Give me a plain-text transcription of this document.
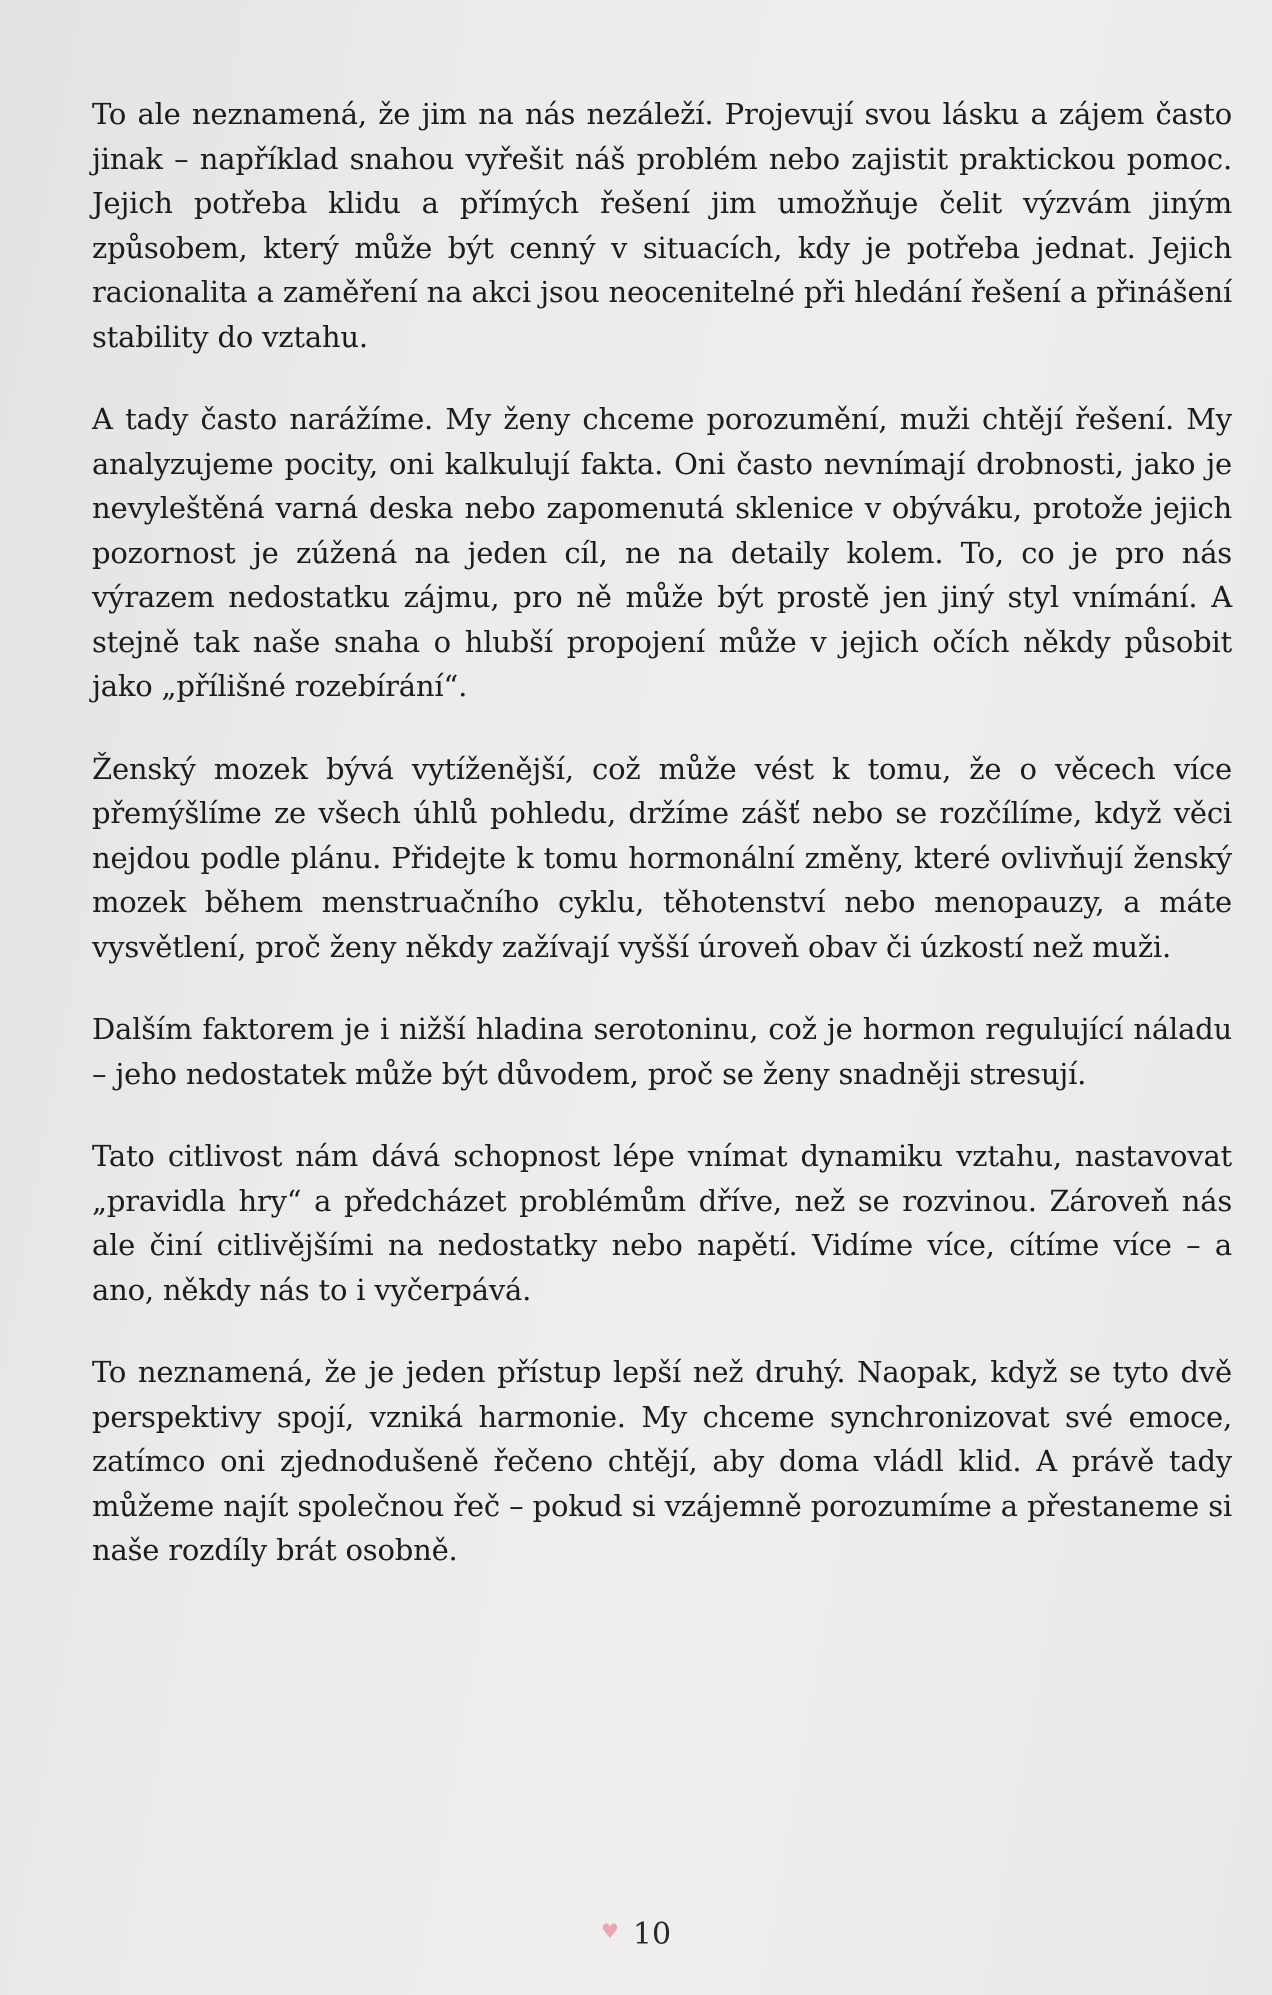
To ale neznamená, že jim na nás nezáleží. Projevují svou lásku a zájem často jinak – například snahou vyřešit náš problém nebo zajistit praktickou pomoc. Jejich potřeba klidu a přímých řešení jim umožňuje čelit výzvám jiným způsobem, který může být cenný v situacích, kdy je potřeba jednat. Jejich racionalita a zaměření na akci jsou neocenitelné při hledání řešení a přinášení stability do vztahu.

A tady často narážíme. My ženy chceme porozumění, muži chtějí řešení. My analyzujeme pocity, oni kalkulují fakta. Oni často nevnímají drobnosti, jako je nevyleštěná varná deska nebo zapomenutá sklenice v obýváku, protože jejich pozornost je zúžená na jeden cíl, ne na detaily kolem. To, co je pro nás výrazem nedostatku zájmu, pro ně může být prostě jen jiný styl vnímání. A stejně tak naše snaha o hlubší propojení může v jejich očích někdy působit jako „přílišné rozebírání“.

Ženský mozek bývá vytíženější, což může vést k tomu, že o věcech více přemýšlíme ze všech úhlů pohledu, držíme zášť nebo se rozčílíme, když věci nejdou podle plánu. Přidejte k tomu hormonální změny, které ovlivňují ženský mozek během menstruačního cyklu, těhotenství nebo menopauzy, a máte vysvětlení, proč ženy někdy zažívají vyšší úroveň obav či úzkostí než muži.

Dalším faktorem je i nižší hladina serotoninu, což je hormon regulující náladu – jeho nedostatek může být důvodem, proč se ženy snadněji stresují.

Tato citlivost nám dává schopnost lépe vnímat dynamiku vztahu, nastavovat „pravidla hry“ a předcházet problémům dříve, než se rozvinou. Zároveň nás ale činí citlivějšími na nedostatky nebo napětí. Vidíme více, cítíme více – a ano, někdy nás to i vyčerpává.

To neznamená, že je jeden přístup lepší než druhý. Naopak, když se tyto dvě perspektivy spojí, vzniká harmonie. My chceme synchronizovat své emoce, zatímco oni zjednodušeně řečeno chtějí, aby doma vládl klid. A právě tady můžeme najít společnou řeč – pokud si vzájemně porozumíme a přestaneme si naše rozdíly brát osobně.

♥ 10
